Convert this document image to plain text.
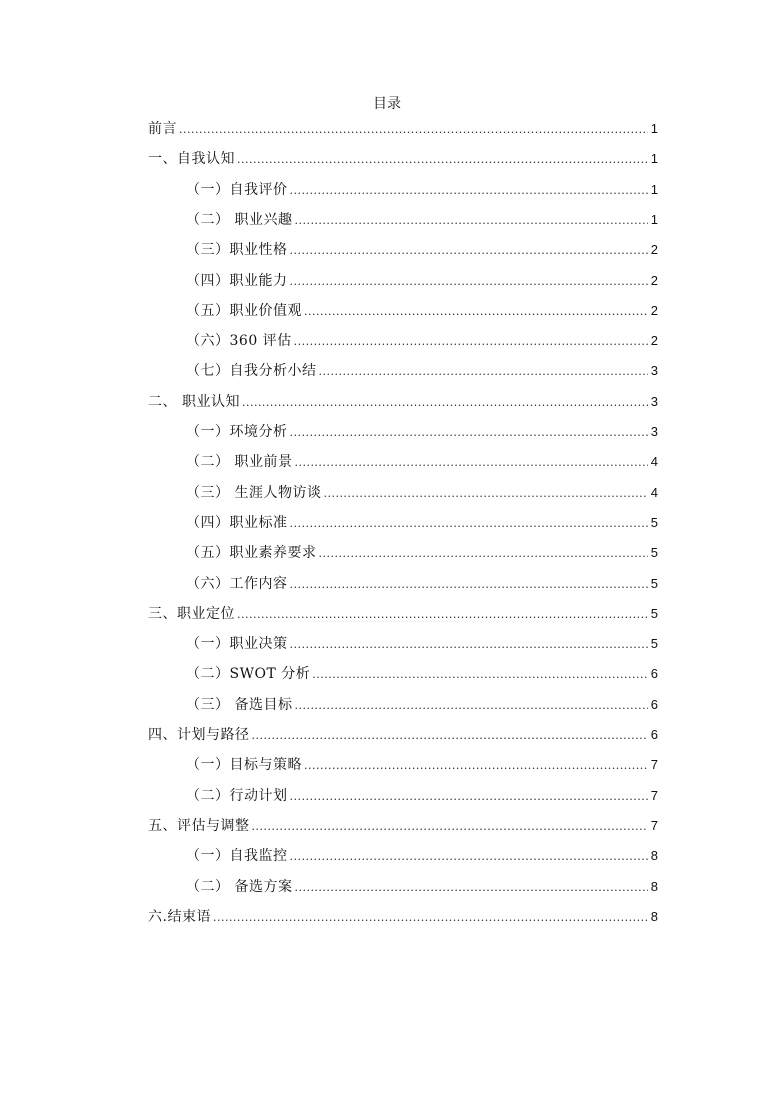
目录
前言 .....	1
一、自我认知 .....	1
（一）自我评价 .....	1
（二） 职业兴趣 .....	1
（三）职业性格 .....	2
（四）职业能力 .....	2
（五）职业价值观 .....	2
（六）360 评估 .....	2
（七）自我分析小结 .....	3
二、 职业认知 .....	3
（一）环境分析 .....	3
（二） 职业前景 .....	4
（三） 生涯人物访谈 .....	4
（四）职业标准 .....	5
（五）职业素养要求 .....	5
（六）工作内容 .....	5
三、职业定位 .....	5
（一）职业决策 .....	5
（二）SWOT 分析 .....	6
（三） 备选目标 .....	6
四、计划与路径 .....	6
（一）目标与策略 .....	7
（二）行动计划 .....	7
五、评估与调整 .....	7
（一）自我监控 .....	8
（二） 备选方案 .....	8
六.结束语 .....	8
